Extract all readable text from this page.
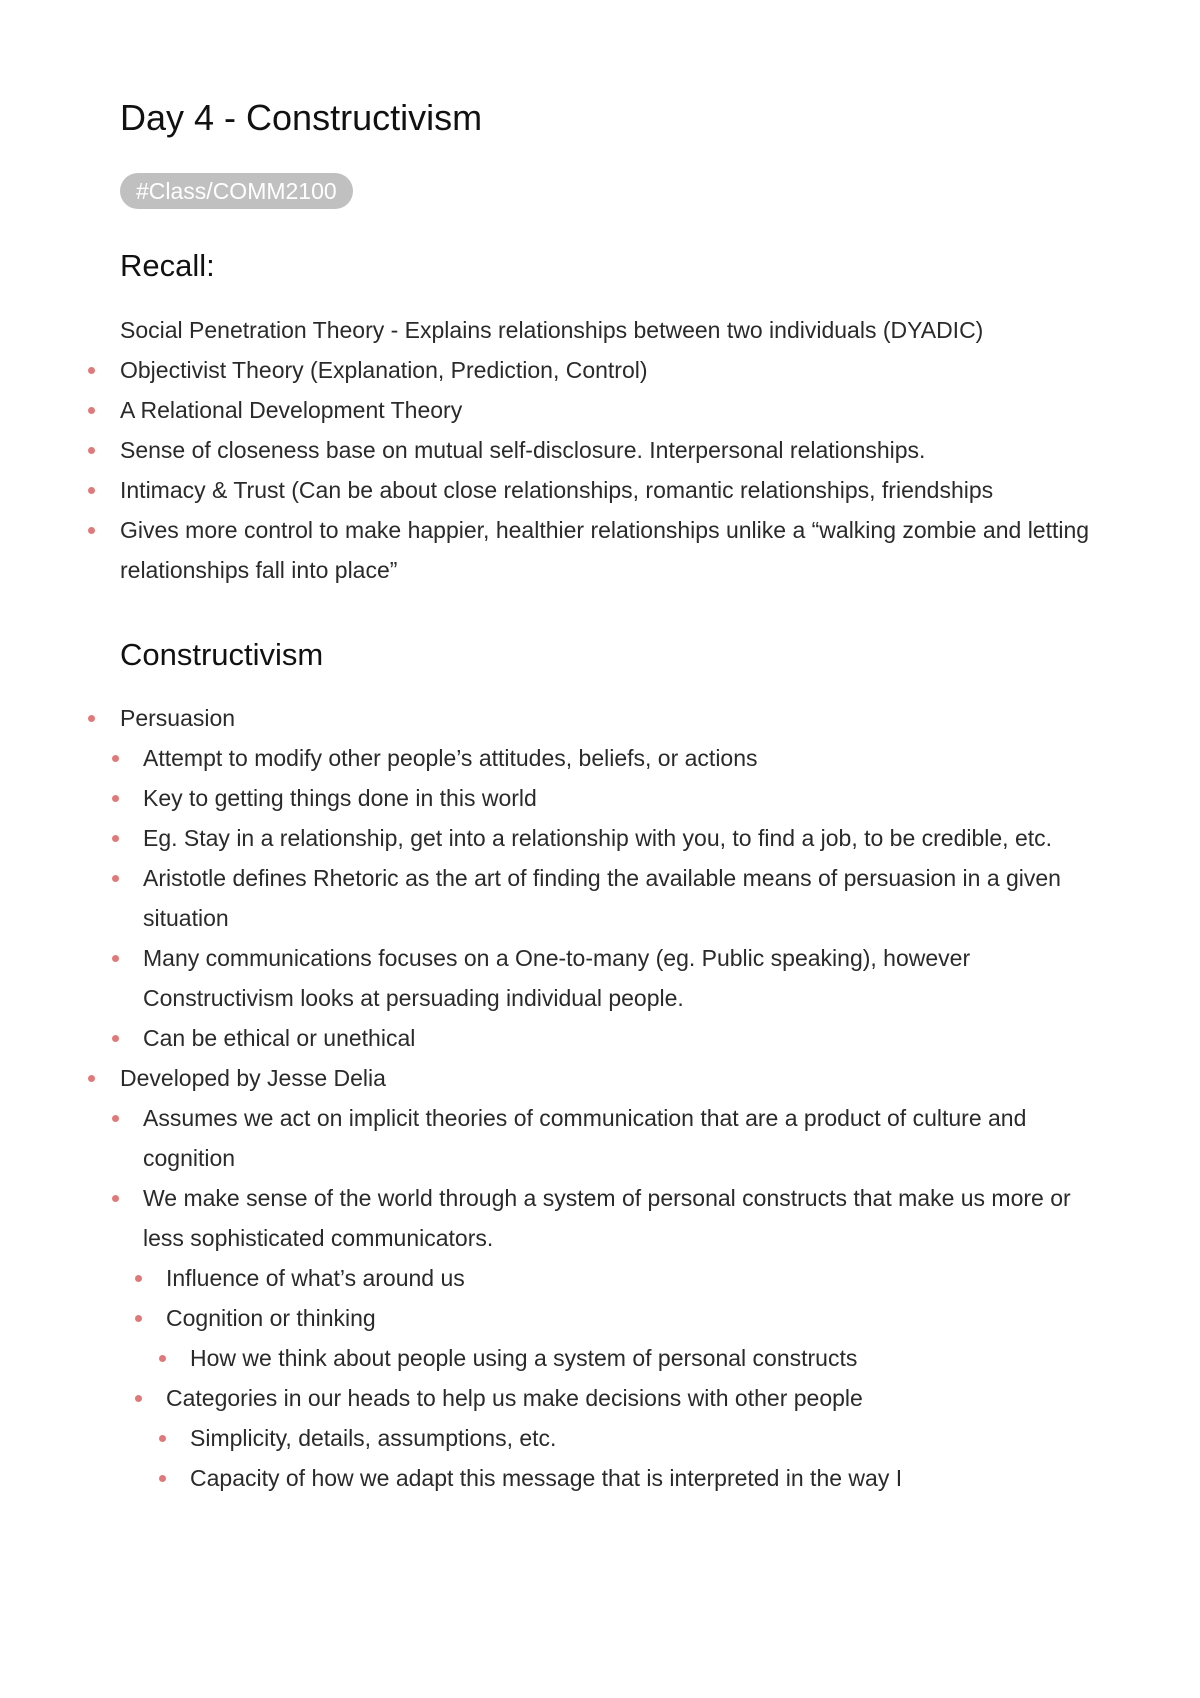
Day 4 - Constructivism
#Class/COMM2100
Recall:
Social Penetration Theory - Explains relationships between two individuals (DYADIC)
Objectivist Theory (Explanation, Prediction, Control)
A Relational Development Theory
Sense of closeness base on mutual self-disclosure. Interpersonal relationships.
Intimacy & Trust (Can be about close relationships, romantic relationships, friendships
Gives more control to make happier, healthier relationships unlike a “walking zombie and letting relationships fall into place”
Constructivism
Persuasion
Attempt to modify other people’s attitudes, beliefs, or actions
Key to getting things done in this world
Eg. Stay in a relationship, get into a relationship with you, to find a job, to be credible, etc.
Aristotle defines Rhetoric as the art of finding the available means of persuasion in a given situation
Many communications focuses on a One-to-many (eg. Public speaking), however Constructivism looks at persuading individual people.
Can be ethical or unethical
Developed by Jesse Delia
Assumes we act on implicit theories of communication that are a product of culture and cognition
We make sense of the world through a system of personal constructs that make us more or less sophisticated communicators.
Influence of what’s around us
Cognition or thinking
How we think about people using a system of personal constructs
Categories in our heads to help us make decisions with other people
Simplicity, details, assumptions, etc.
Capacity of how we adapt this message that is interpreted in the way I
